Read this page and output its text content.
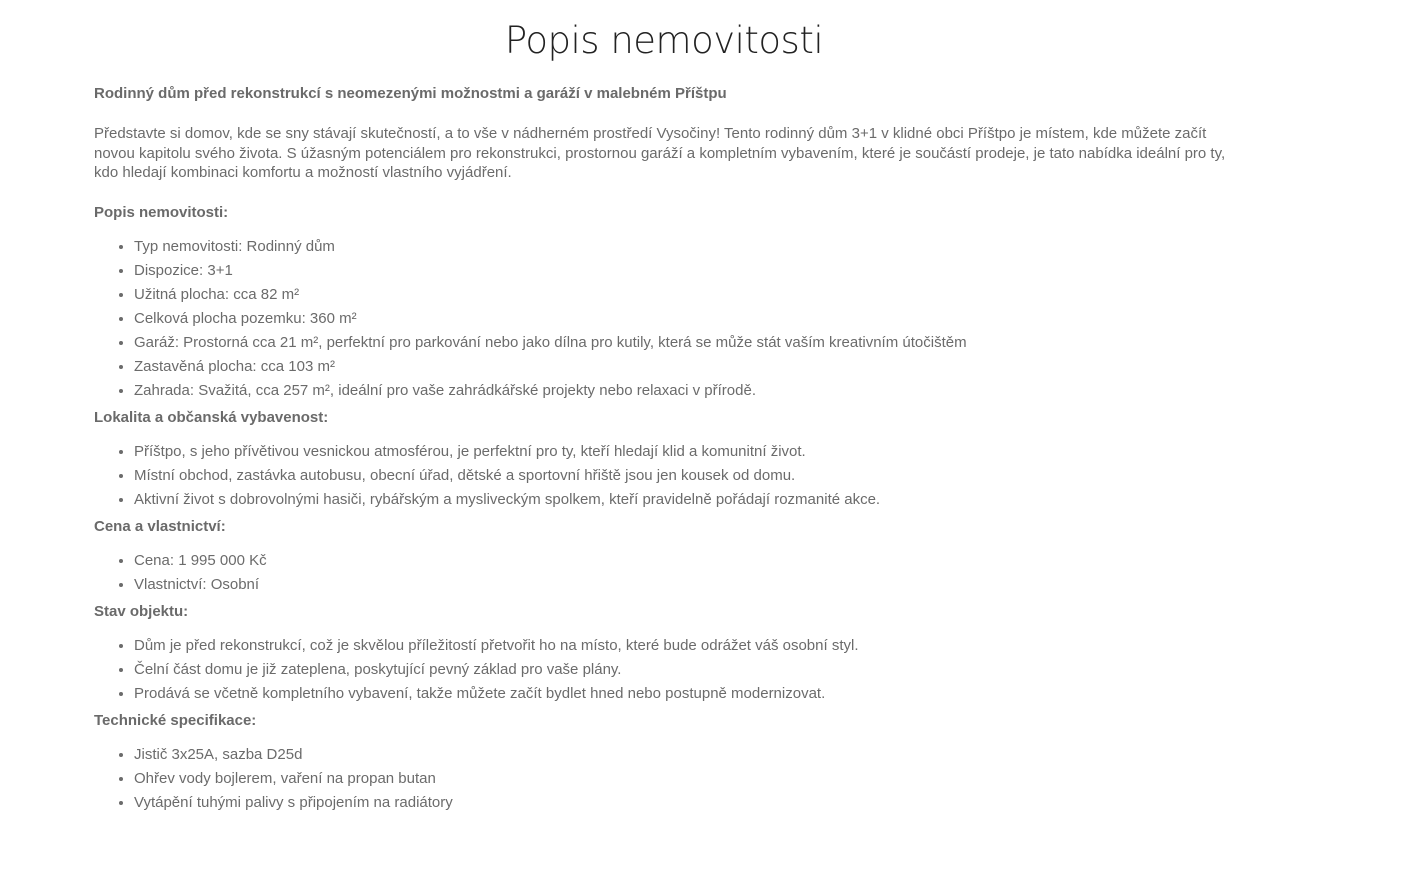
Popis nemovitosti

Rodinný dům před rekonstrukcí s neomezenými možnostmi a garáží v malebném Příštpu

Představte si domov, kde se sny stávají skutečností, a to vše v nádherném prostředí Vysočiny! Tento rodinný dům 3+1 v klidné obci Příštpo je místem, kde můžete začít novou kapitolu svého života. S úžasným potenciálem pro rekonstrukci, prostornou garáží a kompletním vybavením, které je součástí prodeje, je tato nabídka ideální pro ty, kdo hledají kombinaci komfortu a možností vlastního vyjádření.

Popis nemovitosti:
• Typ nemovitosti: Rodinný dům
• Dispozice: 3+1
• Užitná plocha: cca 82 m²
• Celková plocha pozemku: 360 m²
• Garáž: Prostorná cca 21 m², perfektní pro parkování nebo jako dílna pro kutily, která se může stát vaším kreativním útočištěm
• Zastavěná plocha: cca 103 m²
• Zahrada: Svažitá, cca 257 m², ideální pro vaše zahrádkářské projekty nebo relaxaci v přírodě.
Lokalita a občanská vybavenost:
• Příštpo, s jeho přívětivou vesnickou atmosférou, je perfektní pro ty, kteří hledají klid a komunitní život.
• Místní obchod, zastávka autobusu, obecní úřad, dětské a sportovní hřiště jsou jen kousek od domu.
• Aktivní život s dobrovolnými hasiči, rybářským a mysliveckým spolkem, kteří pravidelně pořádají rozmanité akce.
Cena a vlastnictví:
• Cena: 1 995 000 Kč
• Vlastnictví: Osobní
Stav objektu:
• Dům je před rekonstrukcí, což je skvělou příležitostí přetvořit ho na místo, které bude odrážet váš osobní styl.
• Čelní část domu je již zateplena, poskytující pevný základ pro vaše plány.
• Prodává se včetně kompletního vybavení, takže můžete začít bydlet hned nebo postupně modernizovat.
Technické specifikace:
• Jistič 3x25A, sazba D25d
• Ohřev vody bojlerem, vaření na propan butan
• Vytápění tuhými palivy s připojením na radiátory
